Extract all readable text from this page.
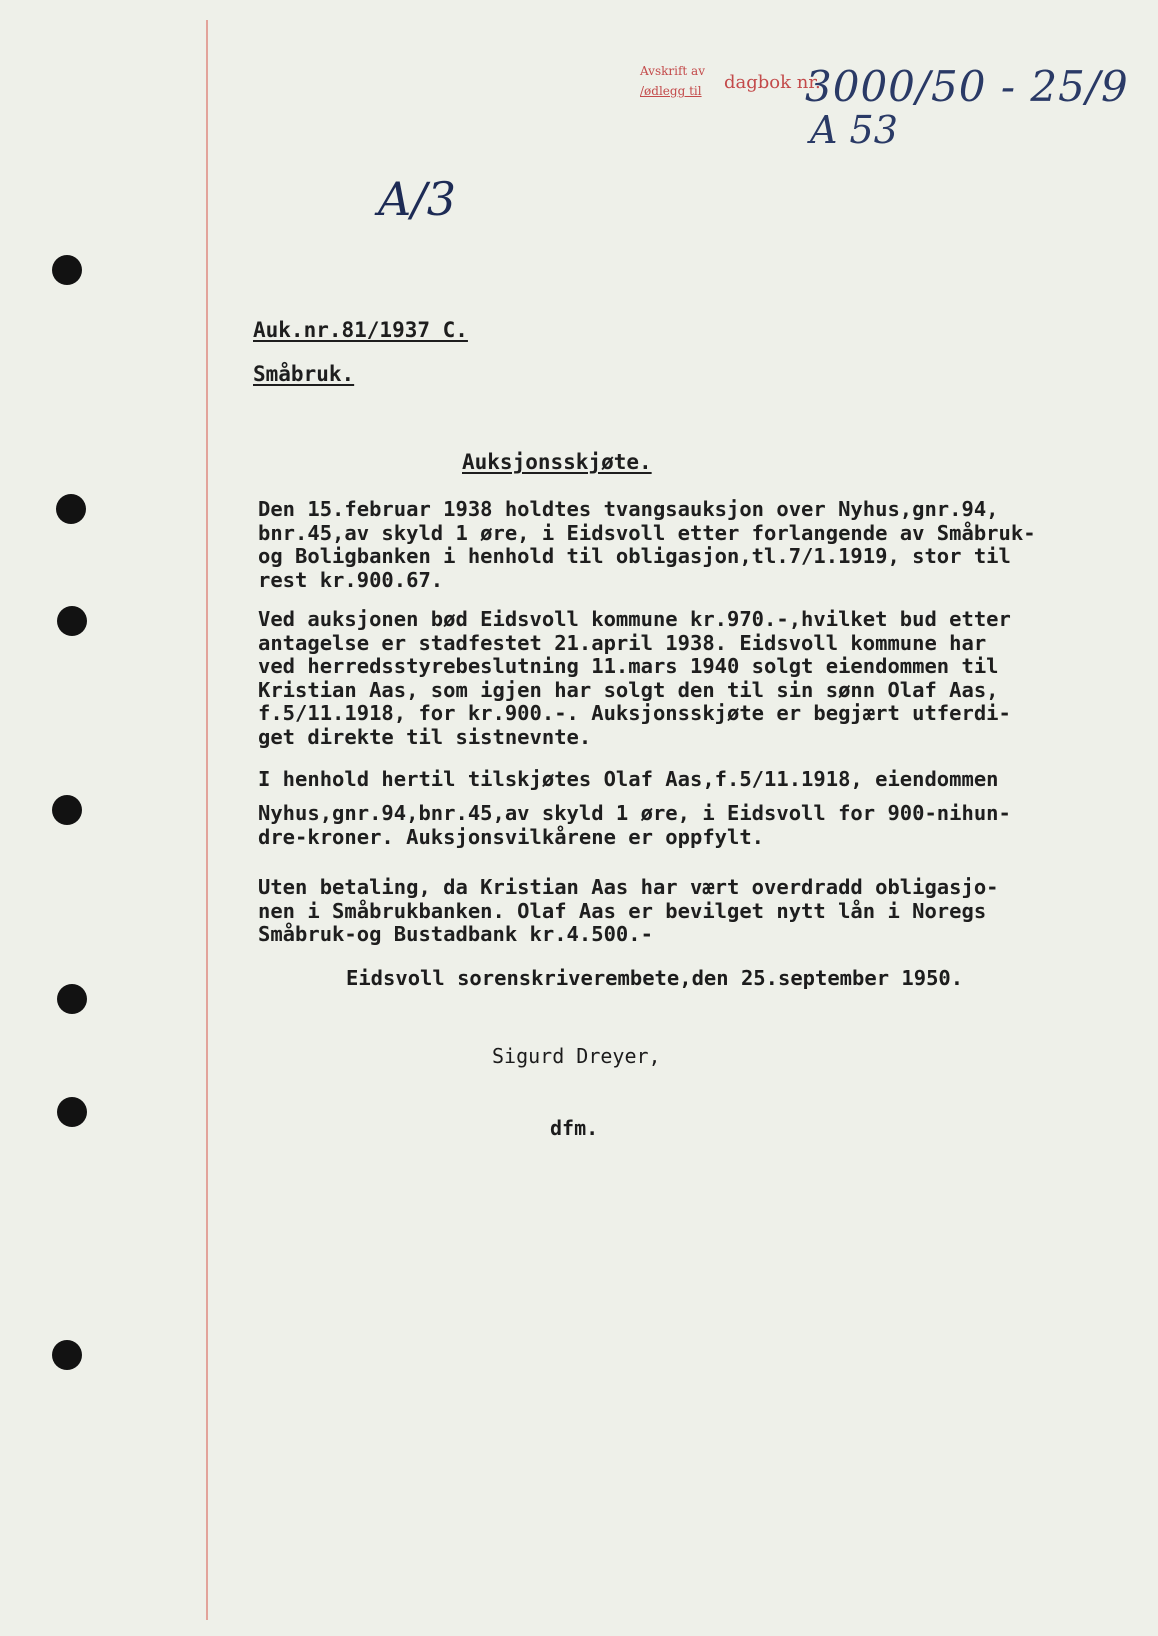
Avskrift av
/ødlegg til dagbok nr.
3000/50 - 25/9
A 53
A/3
Auk.nr.81/1937 C.
Småbruk.
Auksjonsskjøte.
Den 15.februar 1938 holdtes tvangsauksjon over Nyhus,gnr.94,
bnr.45,av skyld 1 øre, i Eidsvoll etter forlangende av Småbruk-
og Boligbanken i henhold til obligasjon,tl.7/1.1919, stor til
rest kr.900.67.
Ved auksjonen bød Eidsvoll kommune kr.970.-,hvilket bud etter
antagelse er stadfestet 21.april 1938. Eidsvoll kommune har
ved herredsstyrebeslutning 11.mars 1940 solgt eiendommen til
Kristian Aas, som igjen har solgt den til sin sønn Olaf Aas,
f.5/11.1918, for kr.900.-. Auksjonsskjøte er begjært utferdi-
get direkte til sistnevnte.
I henhold hertil tilskjøtes Olaf Aas,f.5/11.1918, eiendommen
Nyhus,gnr.94,bnr.45,av skyld 1 øre, i Eidsvoll for 900-nihun-
dre-kroner. Auksjonsvilkårene er oppfylt.
Uten betaling, da Kristian Aas har vært overdradd obligasjo-
nen i Småbrukbanken. Olaf Aas er bevilget nytt lån i Noregs
Småbruk-og Bustadbank kr.4.500.-
Eidsvoll sorenskriverembete,den 25.september 1950.
Sigurd Dreyer,
dfm.
